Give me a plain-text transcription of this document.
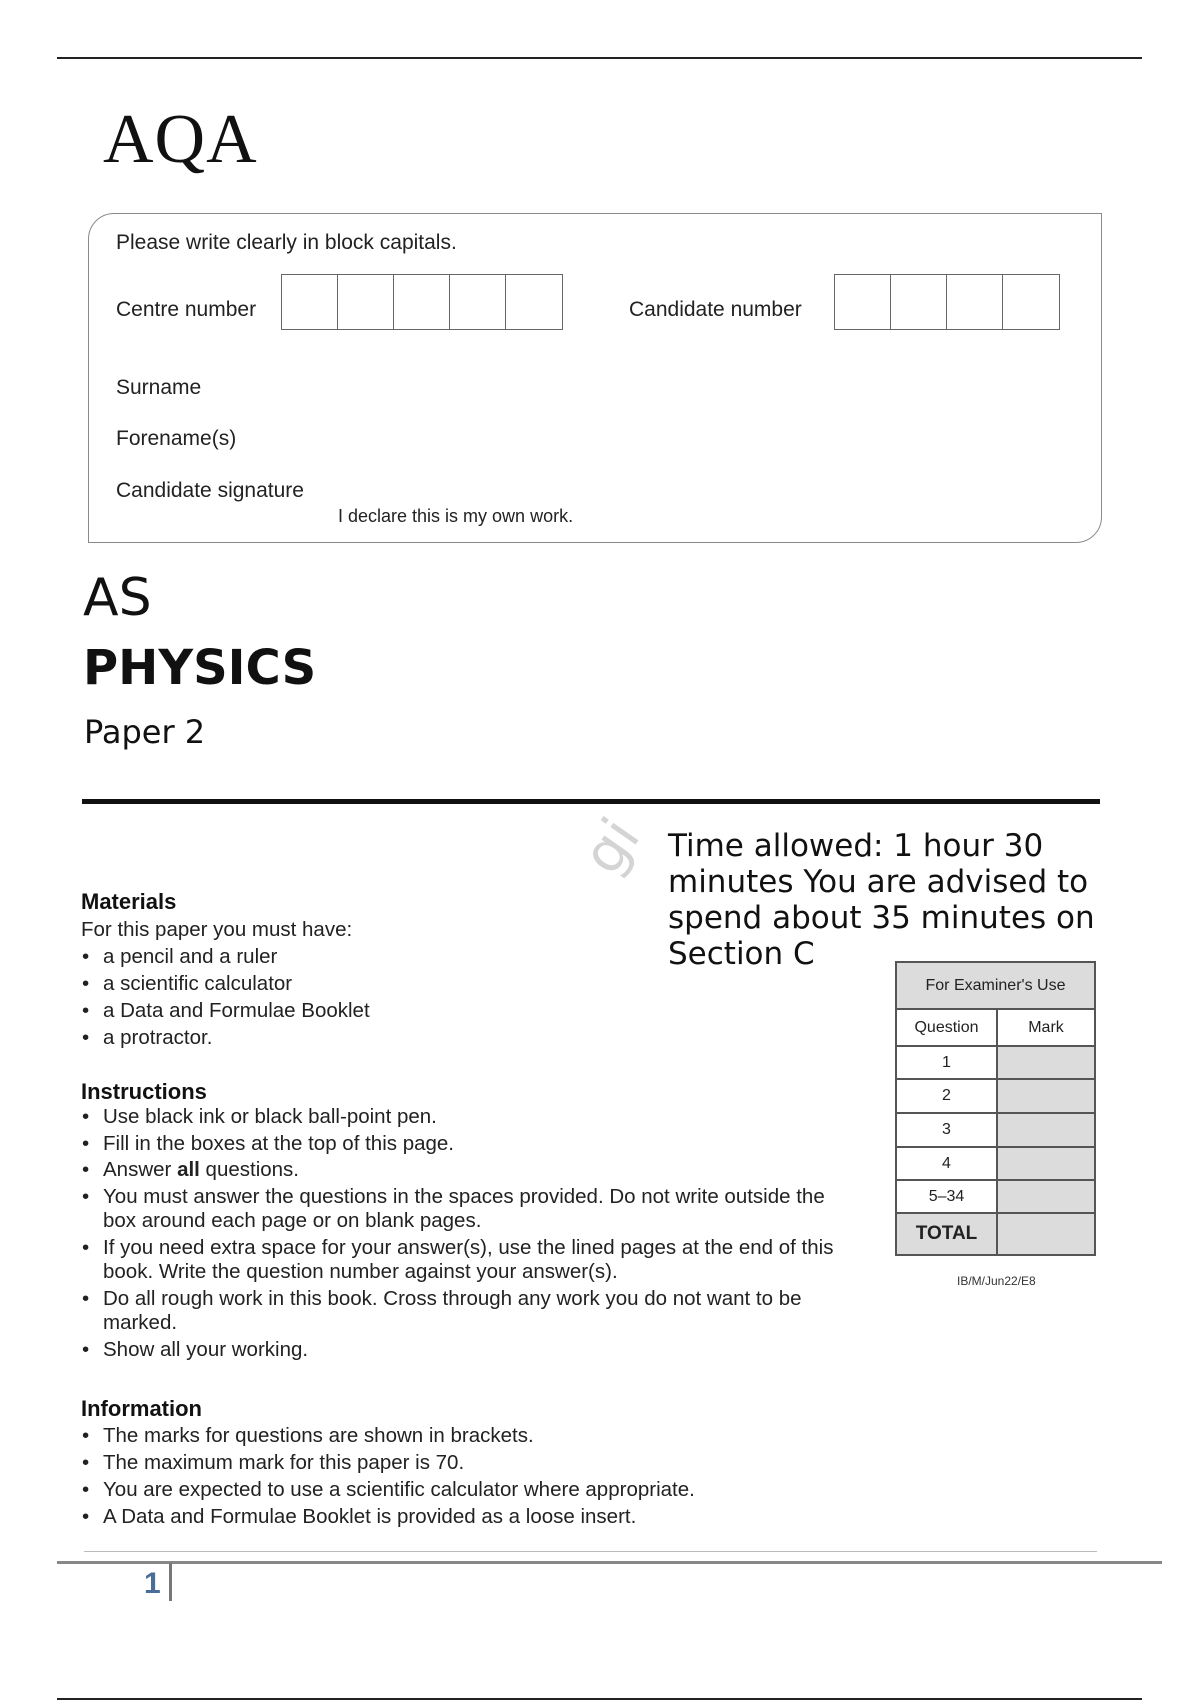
AQA
Please write clearly in block capitals.
Centre number	Candidate number
Surname
Forename(s)
Candidate signature
I declare this is my own work.
AS
PHYSICS
Paper 2
gi Time allowed: 1 hour 30 minutes You are advised to spend about 35 minutes on Section C
Materials
For this paper you must have:
• a pencil and a ruler
• a scientific calculator
• a Data and Formulae Booklet
• a protractor.
Instructions
• Use black ink or black ball-point pen.
• Fill in the boxes at the top of this page.
• Answer all questions.
• You must answer the questions in the spaces provided. Do not write outside the box around each page or on blank pages.
• If you need extra space for your answer(s), use the lined pages at the end of this book. Write the question number against your answer(s).
• Do all rough work in this book. Cross through any work you do not want to be marked.
• Show all your working.
Information
• The marks for questions are shown in brackets.
• The maximum mark for this paper is 70.
• You are expected to use a scientific calculator where appropriate.
• A Data and Formulae Booklet is provided as a loose insert.
For Examiner's Use	
Question	Mark
1	
2	
3	
4	
5–34	
TOTAL	
IB/M/Jun22/E8
1
